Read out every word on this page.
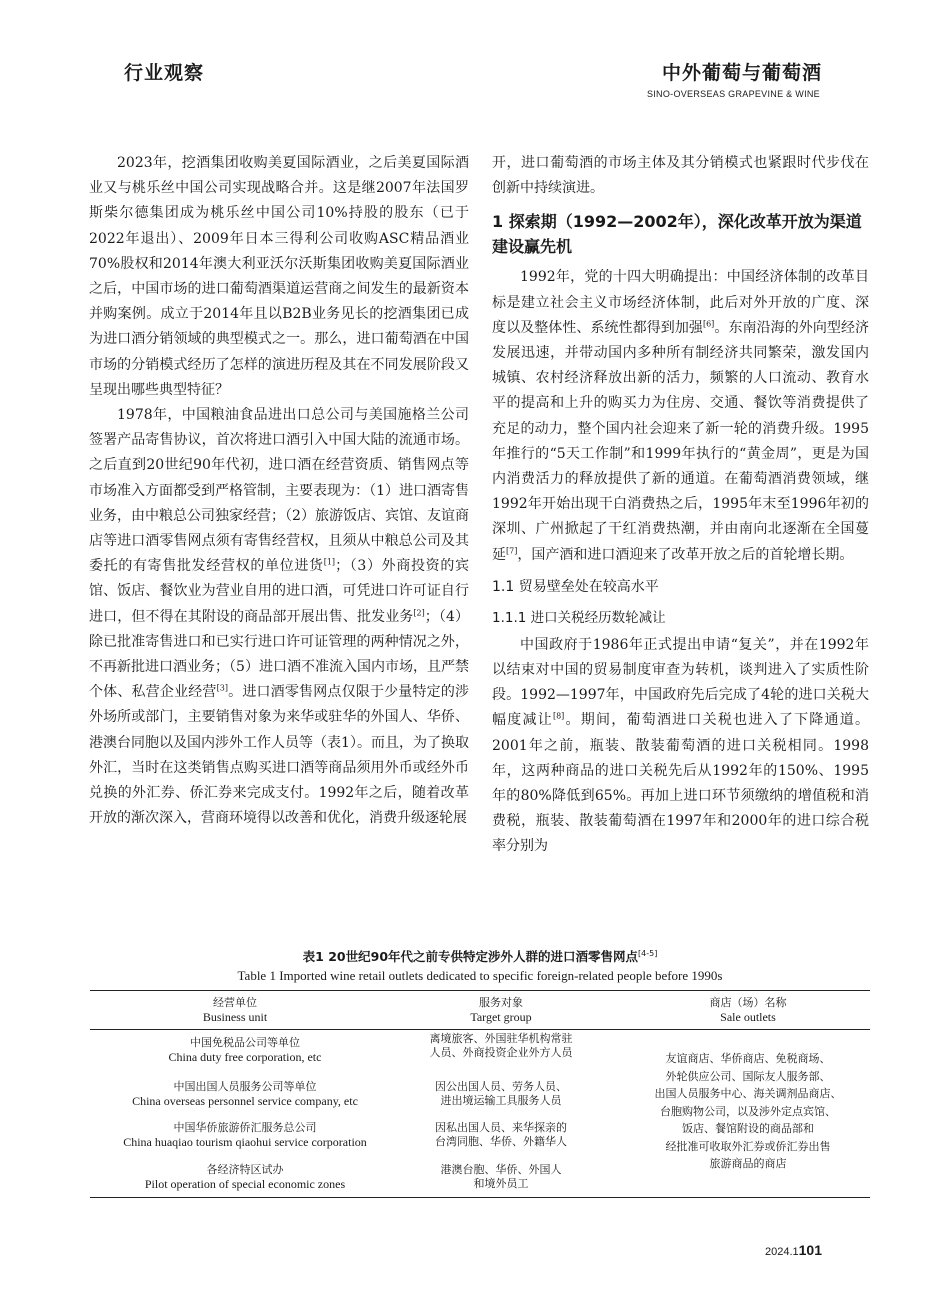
行业观察	中外葡萄与葡萄酒
SINO-OVERSEAS GRAPEVINE & WINE

2023年，挖酒集团收购美夏国际酒业，之后美夏国际酒业又与桃乐丝中国公司实现战略合并。这是继2007年法国罗斯柴尔德集团成为桃乐丝中国公司10%持股的股东（已于2022年退出）、2009年日本三得利公司收购ASC精品酒业70%股权和2014年澳大利亚沃尔沃斯集团收购美夏国际酒业之后，中国市场的进口葡萄酒渠道运营商之间发生的最新资本并购案例。成立于2014年且以B2B业务见长的挖酒集团已成为进口酒分销领域的典型模式之一。那么，进口葡萄酒在中国市场的分销模式经历了怎样的演进历程及其在不同发展阶段又呈现出哪些典型特征？

1978年，中国粮油食品进出口总公司与美国施格兰公司签署产品寄售协议，首次将进口酒引入中国大陆的流通市场。之后直到20世纪90年代初，进口酒在经营资质、销售网点等市场准入方面都受到严格管制，主要表现为：（1）进口酒寄售业务，由中粮总公司独家经营；（2）旅游饭店、宾馆、友谊商店等进口酒零售网点须有寄售经营权，且须从中粮总公司及其委托的有寄售批发经营权的单位进货[1]；（3）外商投资的宾馆、饭店、餐饮业为营业自用的进口酒，可凭进口许可证自行进口，但不得在其附设的商品部开展出售、批发业务[2]；（4）除已批准寄售进口和已实行进口许可证管理的两种情况之外，不再新批进口酒业务；（5）进口酒不准流入国内市场，且严禁个体、私营企业经营[3]。进口酒零售网点仅限于少量特定的涉外场所或部门，主要销售对象为来华或驻华的外国人、华侨、港澳台同胞以及国内涉外工作人员等（表1）。而且，为了换取外汇，当时在这类销售点购买进口酒等商品须用外币或经外币兑换的外汇券、侨汇券来完成支付。1992年之后，随着改革开放的渐次深入，营商环境得以改善和优化，消费升级逐轮展

开，进口葡萄酒的市场主体及其分销模式也紧跟时代步伐在创新中持续演进。
1 探索期（1992—2002年），深化改革开放为渠道建设赢先机

1992年，党的十四大明确提出：中国经济体制的改革目标是建立社会主义市场经济体制，此后对外开放的广度、深度以及整体性、系统性都得到加强[6]。东南沿海的外向型经济发展迅速，并带动国内多种所有制经济共同繁荣，激发国内城镇、农村经济释放出新的活力，频繁的人口流动、教育水平的提高和上升的购买力为住房、交通、餐饮等消费提供了充足的动力，整个国内社会迎来了新一轮的消费升级。1995年推行的“5天工作制”和1999年执行的“黄金周”，更是为国内消费活力的释放提供了新的通道。在葡萄酒消费领域，继1992年开始出现干白消费热之后，1995年末至1996年初的深圳、广州掀起了干红消费热潮，并由南向北逐渐在全国蔓延[7]，国产酒和进口酒迎来了改革开放之后的首轮增长期。

1.1 贸易壁垒处在较高水平
1.1.1 进口关税经历数轮减让

中国政府于1986年正式提出申请“复关”，并在1992年以结束对中国的贸易制度审查为转机，谈判进入了实质性阶段。1992—1997年，中国政府先后完成了4轮的进口关税大幅度减让[8]。期间，葡萄酒进口关税也进入了下降通道。2001年之前，瓶装、散装葡萄酒的进口关税相同。1998年，这两种商品的进口关税先后从1992年的150%、1995年的80%降低到65%。再加上进口环节须缴纳的增值税和消费税，瓶装、散装葡萄酒在1997年和2000年的进口综合税率分别为

表1 20世纪90年代之前专供特定涉外人群的进口酒零售网点[4-5]
Table 1 Imported wine retail outlets dedicated to specific foreign-related people before 1990s
经营单位
Business unit
服务对象
Target group
商店（场）名称
Sale outlets
中国免税品公司等单位
China duty free corporation, etc
离境旅客、外国驻华机构常驻
人员、外商投资企业外方人员
中国出国人员服务公司等单位
China overseas personnel service company, etc
因公出国人员、劳务人员、
进出境运输工具服务人员
中国华侨旅游侨汇服务总公司
China huaqiao tourism qiaohui service corporation
因私出国人员、来华探亲的
台湾同胞、华侨、外籍华人
各经济特区试办
Pilot operation of special economic zones
港澳台胞、华侨、外国人
和境外员工
友谊商店、华侨商店、免税商场、
外轮供应公司、国际友人服务部、
出国人员服务中心、海关调剂品商店、
台胞购物公司，以及涉外定点宾馆、
饭店、餐馆附设的商品部和
经批准可收取外汇券或侨汇券出售
旅游商品的商店
2024.1101
